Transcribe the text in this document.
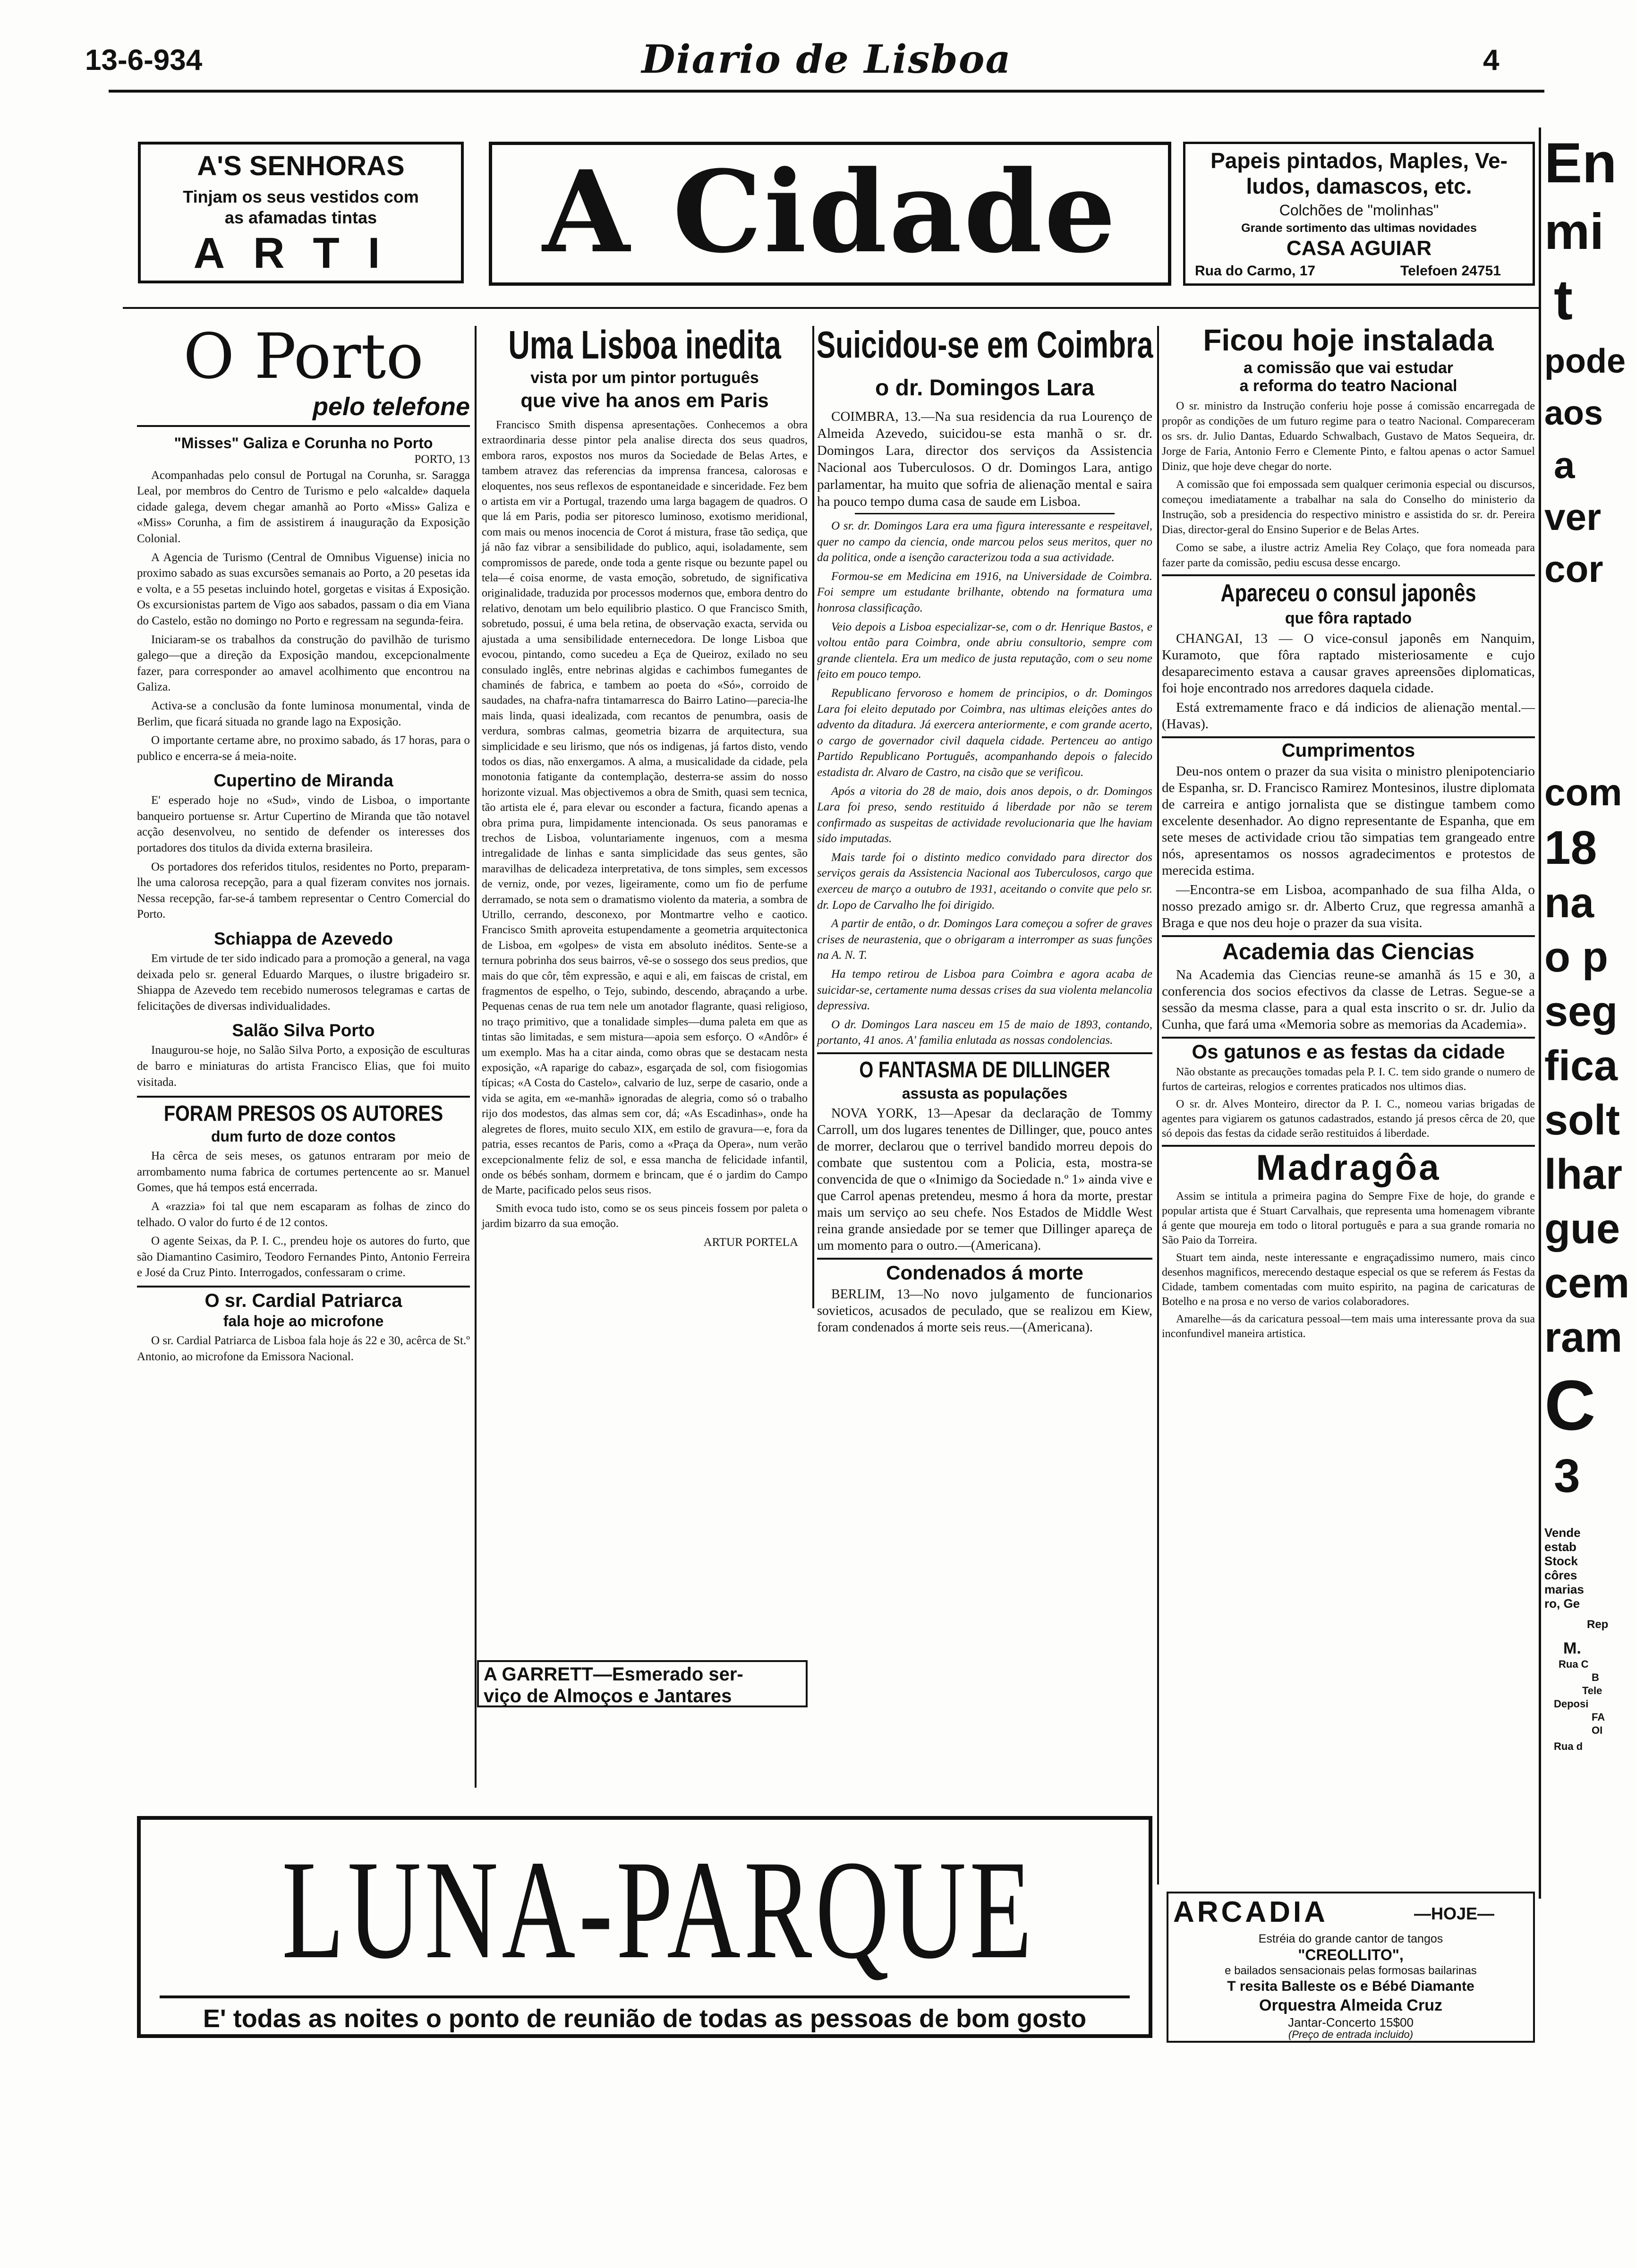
13-6-934	Diario de Lisboa	4
A'S SENHORAS
Tinjam os seus vestidos com
as afamadas tintas
ARTI	A Cidade	Papeis pintados, Maples, Ve-
ludos, damascos, etc.
Colchões de "molinhas"
Grande sortimento das ultimas novidades
CASA AGUIAR
Rua do Carmo, 17	Telefoen 24751
O Porto
pelo telefone
"Misses" Galiza e Corunha no Porto
PORTO, 13

Acompanhadas pelo consul de Portugal na Corunha, sr. Saragga Leal, por membros do Centro de Turismo e pelo «alcalde» daquela cidade galega, devem chegar amanhã ao Porto «Miss» Galiza e «Miss» Corunha, a fim de assistirem á inauguração da Exposição Colonial.

A Agencia de Turismo (Central de Omnibus Viguense) inicia no proximo sabado as suas excursões semanais ao Porto, a 20 pesetas ida e volta, e a 55 pesetas incluindo hotel, gorgetas e visitas á Exposição. Os excursionistas partem de Vigo aos sabados, passam o dia em Viana do Castelo, estão no domingo no Porto e regressam na segunda-feira.

Iniciaram-se os trabalhos da construção do pavilhão de turismo galego—que a direção da Exposição mandou, excepcionalmente fazer, para corresponder ao amavel acolhimento que encontrou na Galiza.

Activa-se a conclusão da fonte luminosa monumental, vinda de Berlim, que ficará situada no grande lago na Exposição.

O importante certame abre, no proximo sabado, ás 17 horas, para o publico e encerra-se á meia-noite.

Cupertino de Miranda

E' esperado hoje no «Sud», vindo de Lisboa, o importante banqueiro portuense sr. Artur Cupertino de Miranda que tão notavel acção desenvolveu, no sentido de defender os interesses dos portadores dos titulos da divida externa brasileira.

Os portadores dos referidos titulos, residentes no Porto, preparam-lhe uma calorosa recepção, para a qual fizeram convites nos jornais. Nessa recepção, far-se-á tambem representar o Centro Comercial do Porto.

Schiappa de Azevedo

Em virtude de ter sido indicado para a promoção a general, na vaga deixada pelo sr. general Eduardo Marques, o ilustre brigadeiro sr. Shiappa de Azevedo tem recebido numerosos telegramas e cartas de felicitações de diversas individualidades.

Salão Silva Porto

Inaugurou-se hoje, no Salão Silva Porto, a exposição de esculturas de barro e miniaturas do artista Francisco Elias, que foi muito visitada.

FORAM PRESOS OS AUTORES
dum furto de doze contos

Ha cêrca de seis meses, os gatunos entraram por meio de arrombamento numa fabrica de cortumes pertencente ao sr. Manuel Gomes, que há tempos está encerrada.

A «razzia» foi tal que nem escaparam as folhas de zinco do telhado. O valor do furto é de 12 contos.

O agente Seixas, da P. I. C., prendeu hoje os autores do furto, que são Diamantino Casimiro, Teodoro Fernandes Pinto, Antonio Ferreira e José da Cruz Pinto. Interrogados, confessaram o crime.

O sr. Cardial Patriarca
fala hoje ao microfone

O sr. Cardial Patriarca de Lisboa fala hoje ás 22 e 30, acêrca de St.º Antonio, ao microfone da Emissora Nacional.

Uma Lisboa inedita
vista por um pintor português
que vive ha anos em Paris

Francisco Smith dispensa apresentações. Conhecemos a obra extraordinaria desse pintor pela analise directa dos seus quadros, embora raros, expostos nos muros da Sociedade de Belas Artes, e tambem atravez das referencias da imprensa francesa, calorosas e eloquentes, nos seus reflexos de espontaneidade e sinceridade. Fez bem o artista em vir a Portugal, trazendo uma larga bagagem de quadros. O que lá em Paris, podia ser pitoresco luminoso, exotismo meridional, com mais ou menos inocencia de Corot á mistura, frase tão sediça, que já não faz vibrar a sensibilidade do publico, aqui, isoladamente, sem compromissos de parede, onde toda a gente risque ou bezunte papel ou tela—é coisa enorme, de vasta emoção, sobretudo, de significativa originalidade, traduzida por processos modernos que, embora dentro do relativo, denotam um belo equilibrio plastico. O que Francisco Smith, sobretudo, possui, é uma bela retina, de observação exacta, servida ou ajustada a uma sensibilidade enternecedora. De longe Lisboa que evocou, pintando, como sucedeu a Eça de Queiroz, exilado no seu consulado inglês, entre nebrinas algidas e cachimbos fumegantes de chaminés de fabrica, e tambem ao poeta do «Só», corroido de saudades, na chafra-nafra tintamarresca do Bairro Latino—parecia-lhe mais linda, quasi idealizada, com recantos de penumbra, oasis de verdura, sombras calmas, geometria bizarra de arquitectura, sua simplicidade e seu lirismo, que nós os indigenas, já fartos disto, vendo todos os dias, não enxergamos. A alma, a musicalidade da cidade, pela monotonia fatigante da contemplação, desterra-se assim do nosso horizonte vizual. Mas objectivemos a obra de Smith, quasi sem tecnica, tão artista ele é, para elevar ou esconder a factura, ficando apenas a obra prima pura, limpidamente intencionada. Os seus panoramas e trechos de Lisboa, voluntariamente ingenuos, com a mesma intregalidade de linhas e santa simplicidade das seus gentes, são maravilhas de delicadeza interpretativa, de tons simples, sem excessos de verniz, onde, por vezes, ligeiramente, como um fio de perfume derramado, se nota sem o dramatismo violento da materia, a sombra de Utrillo, cerrando, desconexo, por Montmartre velho e caotico. Francisco Smith aproveita estupendamente a geometria arquitectonica de Lisboa, em «golpes» de vista em absoluto inéditos. Sente-se a ternura pobrinha dos seus bairros, vê-se o sossego dos seus predios, que mais do que côr, têm expressão, e aqui e ali, em faiscas de cristal, em fragmentos de espelho, o Tejo, subindo, descendo, abraçando a urbe. Pequenas cenas de rua tem nele um anotador flagrante, quasi religioso, no traço primitivo, que a tonalidade simples—duma paleta em que as tintas são limitadas, e sem mistura—apoia sem esforço. O «Andôr» é um exemplo. Mas ha a citar ainda, como obras que se destacam nesta exposição, «A raparige do cabaz», esgarçada de sol, com fisiogomias típicas; «A Costa do Castelo», calvario de luz, serpe de casario, onde a vida se agita, em «e-manhã» ignoradas de alegria, como só o trabalho rijo dos modestos, das almas sem cor, dá; «As Escadinhas», onde ha alegretes de flores, muito seculo XIX, em estilo de gravura—e, fora da patria, esses recantos de Paris, como a «Praça da Opera», num verão excepcionalmente feliz de sol, e essa mancha de felicidade infantil, onde os bébés sonham, dormem e brincam, que é o jardim do Campo de Marte, pacificado pelos seus risos.

Smith evoca tudo isto, como se os seus pinceis fossem por paleta o jardim bizarro da sua emoção.

ARTUR PORTELA
A GARRETT—Esmerado ser-
viço de Almoços e Jantares
Suicidou-se em Coimbra
o dr. Domingos Lara

COIMBRA, 13.—Na sua residencia da rua Lourenço de Almeida Azevedo, suicidou-se esta manhã o sr. dr. Domingos Lara, director dos serviços da Assistencia Nacional aos Tuberculosos. O dr. Domingos Lara, antigo parlamentar, ha muito que sofria de alienação mental e saira ha pouco tempo duma casa de saude em Lisboa.

O sr. dr. Domingos Lara era uma figura interessante e respeitavel, quer no campo da ciencia, onde marcou pelos seus meritos, quer no da politica, onde a isenção caracterizou toda a sua actividade.

Formou-se em Medicina em 1916, na Universidade de Coimbra. Foi sempre um estudante brilhante, obtendo na formatura uma honrosa classificação.

Veio depois a Lisboa especializar-se, com o dr. Henrique Bastos, e voltou então para Coimbra, onde abriu consultorio, sempre com grande clientela. Era um medico de justa reputação, com o seu nome feito em pouco tempo.

Republicano fervoroso e homem de principios, o dr. Domingos Lara foi eleito deputado por Coimbra, nas ultimas eleições antes do advento da ditadura. Já exercera anteriormente, e com grande acerto, o cargo de governador civil daquela cidade. Pertenceu ao antigo Partido Republicano Português, acompanhando depois o falecido estadista dr. Alvaro de Castro, na cisão que se verificou.

Após a vitoria do 28 de maio, dois anos depois, o dr. Domingos Lara foi preso, sendo restituido á liberdade por não se terem confirmado as suspeitas de actividade revolucionaria que lhe haviam sido imputadas.

Mais tarde foi o distinto medico convidado para director dos serviços gerais da Assistencia Nacional aos Tuberculosos, cargo que exerceu de março a outubro de 1931, aceitando o convite que pelo sr. dr. Lopo de Carvalho lhe foi dirigido.

A partir de então, o dr. Domingos Lara começou a sofrer de graves crises de neurastenia, que o obrigaram a interromper as suas funções na A. N. T.

Ha tempo retirou de Lisboa para Coimbra e agora acaba de suicidar-se, certamente numa dessas crises da sua violenta melancolia depressiva.

O dr. Domingos Lara nasceu em 15 de maio de 1893, contando, portanto, 41 anos. A' familia enlutada as nossas condolencias.

O FANTASMA DE DILLINGER
assusta as populações

NOVA YORK, 13—Apesar da declaração de Tommy Carroll, um dos lugares tenentes de Dillinger, que, pouco antes de morrer, declarou que o terrivel bandido morreu depois do combate que sustentou com a Policia, esta, mostra-se convencida de que o «Inimigo da Sociedade n.º 1» ainda vive e que Carrol apenas pretendeu, mesmo á hora da morte, prestar mais um serviço ao seu chefe. Nos Estados de Middle West reina grande ansiedade por se temer que Dillinger apareça de um momento para o outro.—(Americana).

Condenados á morte

BERLIM, 13—No novo julgamento de funcionarios sovieticos, acusados de peculado, que se realizou em Kiew, foram condenados á morte seis reus.—(Americana).

Ficou hoje instalada
a comissão que vai estudar
a reforma do teatro Nacional

O sr. ministro da Instrução conferiu hoje posse á comissão encarregada de propôr as condições de um futuro regime para o teatro Nacional. Compareceram os srs. dr. Julio Dantas, Eduardo Schwalbach, Gustavo de Matos Sequeira, dr. Jorge de Faria, Antonio Ferro e Clemente Pinto, e faltou apenas o actor Samuel Diniz, que hoje deve chegar do norte.

A comissão que foi empossada sem qualquer cerimonia especial ou discursos, começou imediatamente a trabalhar na sala do Conselho do ministerio da Instrução, sob a presidencia do respectivo ministro e assistida do sr. dr. Pereira Dias, director-geral do Ensino Superior e de Belas Artes.

Como se sabe, a ilustre actriz Amelia Rey Colaço, que fora nomeada para fazer parte da comissão, pediu escusa desse encargo.

Apareceu o consul japonês
que fôra raptado

CHANGAI, 13 — O vice-consul japonês em Nanquim, Kuramoto, que fôra raptado misteriosamente e cujo desaparecimento estava a causar graves apreensões diplomaticas, foi hoje encontrado nos arredores daquela cidade.

Está extremamente fraco e dá indicios de alienação mental.—(Havas).

Cumprimentos

Deu-nos ontem o prazer da sua visita o ministro plenipotenciario de Espanha, sr. D. Francisco Ramirez Montesinos, ilustre diplomata de carreira e antigo jornalista que se distingue tambem como excelente desenhador. Ao digno representante de Espanha, que em sete meses de actividade criou tão simpatias tem grangeado entre nós, apresentamos os nossos agradecimentos e protestos de merecida estima.

—Encontra-se em Lisboa, acompanhado de sua filha Alda, o nosso prezado amigo sr. dr. Alberto Cruz, que regressa amanhã a Braga e que nos deu hoje o prazer da sua visita.

Academia das Ciencias

Na Academia das Ciencias reune-se amanhã ás 15 e 30, a conferencia dos socios efectivos da classe de Letras. Segue-se a sessão da mesma classe, para a qual esta inscrito o sr. dr. Julio da Cunha, que fará uma «Memoria sobre as memorias da Academia».

Os gatunos e as festas da cidade

Não obstante as precauções tomadas pela P. I. C. tem sido grande o numero de furtos de carteiras, relogios e correntes praticados nos ultimos dias.

O sr. dr. Alves Monteiro, director da P. I. C., nomeou varias brigadas de agentes para vigiarem os gatunos cadastrados, estando já presos cêrca de 20, que só depois das festas da cidade serão restituidos á liberdade.

Madragôa

Assim se intitula a primeira pagina do Sempre Fixe de hoje, do grande e popular artista que é Stuart Carvalhais, que representa uma homenagem vibrante á gente que moureja em todo o litoral português e para a sua grande romaria no São Paio da Torreira.

Stuart tem ainda, neste interessante e engraçadissimo numero, mais cinco desenhos magnificos, merecendo destaque especial os que se referem ás Festas da Cidade, tambem comentadas com muito espirito, na pagina de caricaturas de Botelho e na prosa e no verso de varios colaboradores.

Amarelhe—ás da caricatura pessoal—tem mais uma interessante prova da sua inconfundivel maneira artistica.

LUNA-PARQUE
E' todas as noites o ponto de reunião de todas as pessoas de bom gosto
ARCADIA	—HOJE—
Estréia do grande cantor de tangos
"CREOLLITO",
e bailados sensacionais pelas formosas bailarinas
T resita Balleste os e Bébé Diamante
Orquestra Almeida Cruz
Jantar-Concerto 15$00
(Preço de entrada incluido)
En
mi
t
pode
aos
a
ver
cor
com
18
na
o p
seg
fica
solt
lhar
gue
cem
ram
C
3
Vende
estab
Stock
côres
marias
ro, Ge
Rep
M.
Rua C
B
Tele
Deposi
FA
OI
Rua d
